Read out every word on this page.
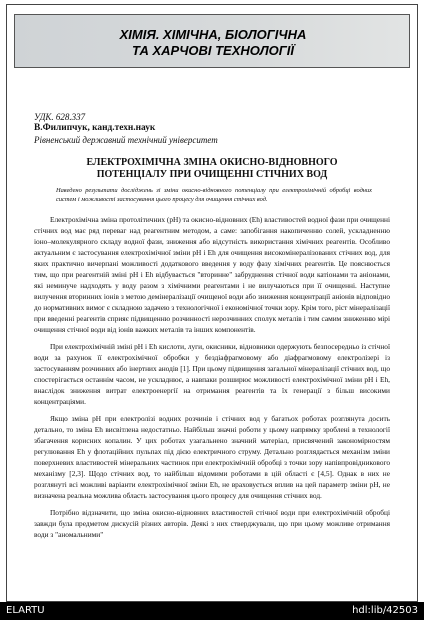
ХІМІЯ. ХІМІЧНА, БІОЛОГІЧНА
ТА ХАРЧОВІ ТЕХНОЛОГІЇ
УДК. 628.337
В.Филипчук, канд.техн.наук
Рівненський державний технічний університет
ЕЛЕКТРОХІМІЧНА ЗМІНА ОКИСНО-ВІДНОВНОГО
ПОТЕНЦІАЛУ ПРИ ОЧИЩЕННІ СТІЧНИХ ВОД
Наведено результати досліджень зі зміни окисно-відновного потенціалу при електрохімічній обробці водних систем і можливості застосування цього процесу для очищення стічних вод.

Електрохімічна зміна протолітичних (pH) та окисно-відновних (Eh) властивостей водної фази при очищенні стічних вод має ряд переваг над реагентним методом, а саме: запобігання накопиченню солей, ускладненню іоно–молекулярного складу водної фази, зниження або відсутність використання хімічних реагентів. Особливо актуальним є застосування електрохімічної зміни pH і Eh для очищення високомінералізованих стічних вод, для яких практично вичерпані можливості додаткового введення у воду фазу хімічних реагентів. Це пояснюється тим, що при реагентній зміні pH і Eh відбувається "вторинне" забруднення стічної води катіонами та аніонами, які неминуче надходять у воду разом з хімічними реагентами і не вилучаються при її очищенні. Наступне вилучення вторинних іонів з метою демінералізації очищеної води або зниження концентрації аніонів відповідно до нормативних вимог є складною задачею з технологічної і економічної точки зору. Крім того, ріст мінералізації при введенні реагентів сприяє підвищенню розчинності нерозчинних сполук металів і тим самим зниженню мірі очищення стічної води від іонів важких металів та інших компонентів.

При електрохімічній зміні pH і Eh кислоти, луги, окисники, відновники одержують безпосередньо із стічної води за рахунок її електрохімічної обробки у бездіафрагмовому або діафрагмовому електролізері із застосуванням розчинних або інертних анодів [1]. При цьому підвищення загальної мінералізації стічних вод, що спостерігається останнім часом, не ускладнює, а навпаки розширює можливості електрохімічної зміни pH і Eh, внаслідок зниження витрат електроенергії на отримання реагентів та їх генерації з більш високими концентраціями.

Якщо зміна pH при електролізі водних розчинів і стічних вод у багатьох роботах розглянута досить детально, то зміна Eh висвітлена недостатньо. Найбільш значні роботи у цьому напрямку зроблені в технології збагачення корисних копалин. У цих роботах узагальнено значний матеріал, присвячений закономірностям регулювання Eh у флотаційних пульпах під дією електричного струму. Детально розглядається механізм зміни поверхневих властивостей мінеральних частинок при електрохімічній обробці з точки зору напівпровідникового механізму [2,3]. Щодо стічних вод, то найбільш відомими роботами в цій області є [4,5]. Однак в них не розглянуті всі можливі варіанти електрохімічної зміни Eh, не враховується вплив на цей параметр зміни pH, не визначена реальна можлива область застосування цього процесу для очищення стічних вод.

Потрібно відзначити, що зміна окисно-відновних властивостей стічної води при електрохімічній обробці завжди була предметом дискусій різних авторів. Деякі з них стверджували, що при цьому можливе отримання води з "аномальними"

ELARTU	hdl:lib/42503
